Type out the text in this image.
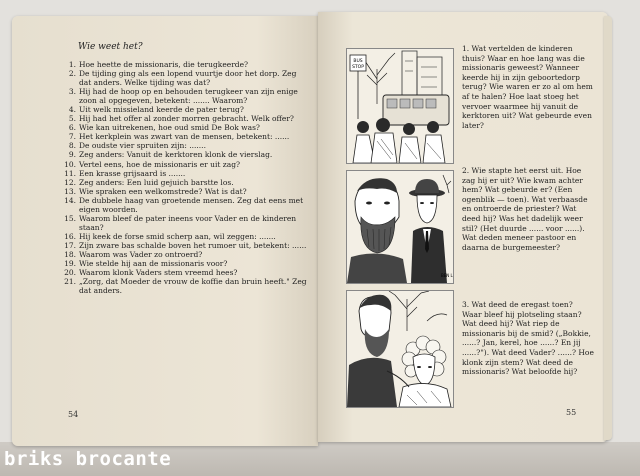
Wie weet het?
1. Hoe heette de missionaris, die terugkeerde?
2. De tijding ging als een lopend vuurtje door het dorp. Zeg dat anders. Welke tijding was dat?
3. Hij had de hoop op en behouden terugkeer van zijn enige zoon al opgegeven, betekent: ....... Waarom?
4. Uit welk missieland keerde de pater terug?
5. Hij had het offer al zonder morren gebracht. Welk offer?
6. Wie kan uitrekenen, hoe oud smid De Bok was?
7. Het kerkplein was zwart van de mensen, betekent: ......
8. De oudste vier spruiten zijn: .......
9. Zeg anders: Vanuit de kerktoren klonk de vierslag.
10. Vertel eens, hoe de missionaris er uit zag?
11. Een krasse grijsaard is .......
12. Zeg anders: Een luid gejuich barstte los.
13. Wie spraken een welkomstrede? Wat is dat?
14. De dubbele haag van groetende mensen. Zeg dat eens met eigen woorden.
15. Waarom bleef de pater ineens voor Vader en de kinderen staan?
16. Hij keek de forse smid scherp aan, wil zeggen: .......
17. Zijn zware bas schalde boven het rumoer uit, betekent: ......
18. Waarom was Vader zo ontroerd?
19. Wie stelde hij aan de missionaris voor?
20. Waarom klonk Vaders stem vreemd hees?
21. „Zorg, dat Moeder de vrouw de koffie dan bruin heeft." Zeg dat anders.
54	55
BUS
STOP
BEN L
1. Wat vertelden de kinderen thuis? Waar en hoe lang was die missionaris geweest? Wanneer keerde hij in zijn geboortedorp terug? Wie waren er zo al om hem af te halen? Hoe laat stoeg het vervoer waarmee hij vanuit de kerktoren uit? Wat gebeurde even later?
2. Wie stapte het eerst uit. Hoe zag hij er uit? Wie kwam achter hem? Wat gebeurde er? (Een ogenblik — toen). Wat verbaasde en ontroerde de priester? Wat deed hij? Was het dadelijk weer stil? (Het duurde ...... voor ......). Wat deden meneer pastoor en daarna de burgemeester?
3. Wat deed de eregast toen? Waar bleef hij plotseling staan? Wat deed hij? Wat riep de missionaris bij de smid? („Bokkie, ......? Jan, kerel, hoe ......? En jij ......?"). Wat deed Vader? ......? Hoe klonk zijn stem? Wat deed de missionaris? Wat beloofde hij?
briks brocante
